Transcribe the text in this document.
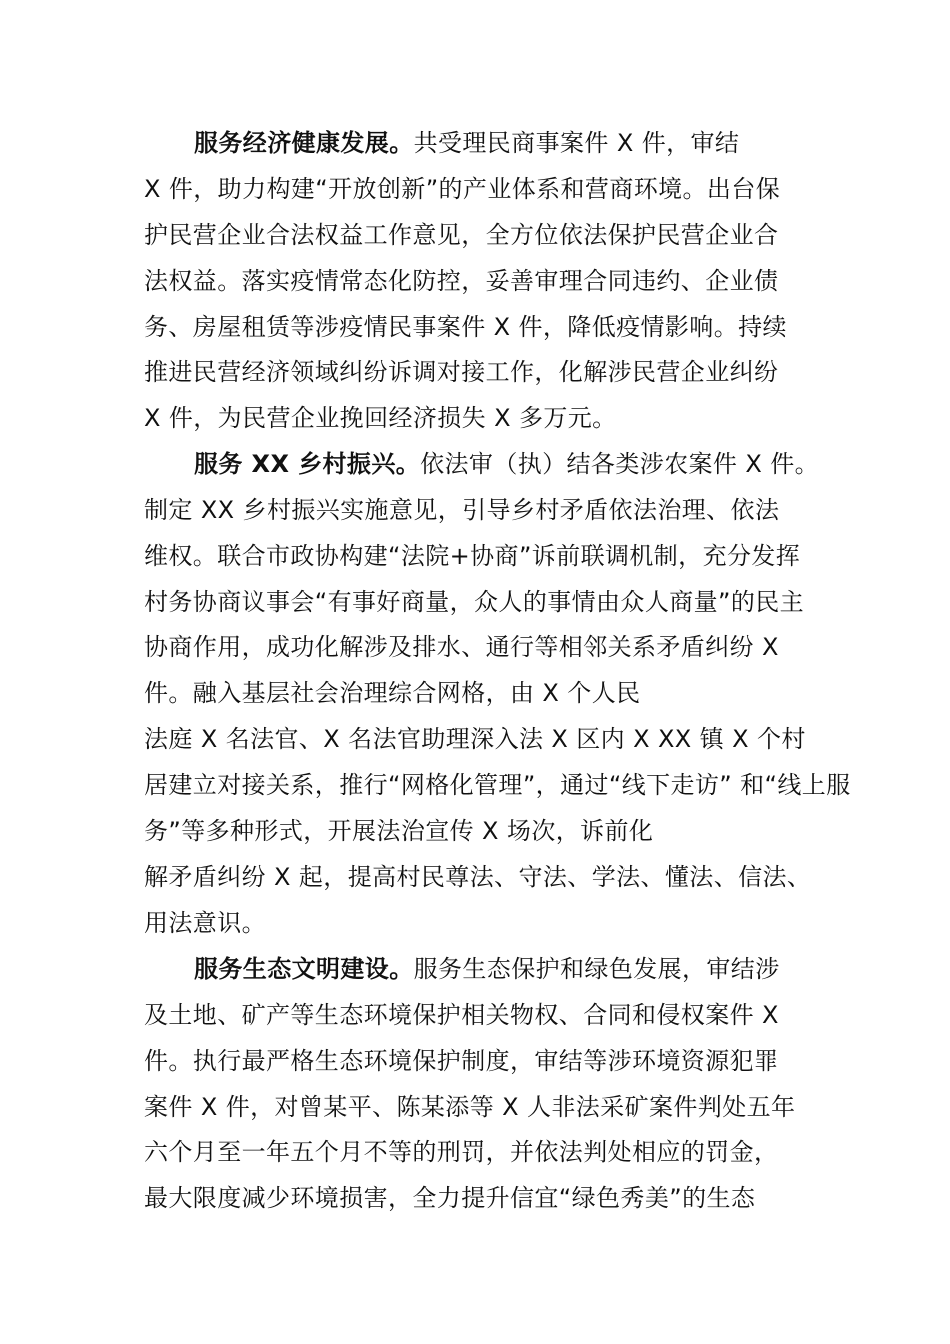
服务经济健康发展。共受理民商事案件 X 件，审结
X 件，助力构建“开放创新”的产业体系和营商环境。出台保
护民营企业合法权益工作意见，全方位依法保护民营企业合
法权益。落实疫情常态化防控，妥善审理合同违约、企业债
务、房屋租赁等涉疫情民事案件 X 件，降低疫情影响。持续
推进民营经济领域纠纷诉调对接工作，化解涉民营企业纠纷
X 件，为民营企业挽回经济损失 X 多万元。
服务 XX 乡村振兴。依法审（执）结各类涉农案件 X 件。
制定 XX 乡村振兴实施意见，引导乡村矛盾依法治理、依法
维权。联合市政协构建“法院+协商”诉前联调机制，充分发挥
村务协商议事会“有事好商量，众人的事情由众人商量”的民主
协商作用，成功化解涉及排水、通行等相邻关系矛盾纠纷 X
件。融入基层社会治理综合网格，由 X 个人民
法庭 X 名法官、X 名法官助理深入法 X 区内 X XX 镇 X 个村
居建立对接关系，推行“网格化管理”，通过“线下走访” 和“线上服
务”等多种形式，开展法治宣传 X 场次，诉前化
解矛盾纠纷 X 起，提高村民尊法、守法、学法、懂法、信法、
用法意识。
服务生态文明建设。服务生态保护和绿色发展，审结涉
及土地、矿产等生态环境保护相关物权、合同和侵权案件 X
件。执行最严格生态环境保护制度，审结等涉环境资源犯罪
案件 X 件，对曾某平、陈某添等 X 人非法采矿案件判处五年
六个月至一年五个月不等的刑罚，并依法判处相应的罚金，
最大限度减少环境损害，全力提升信宜“绿色秀美”的生态
